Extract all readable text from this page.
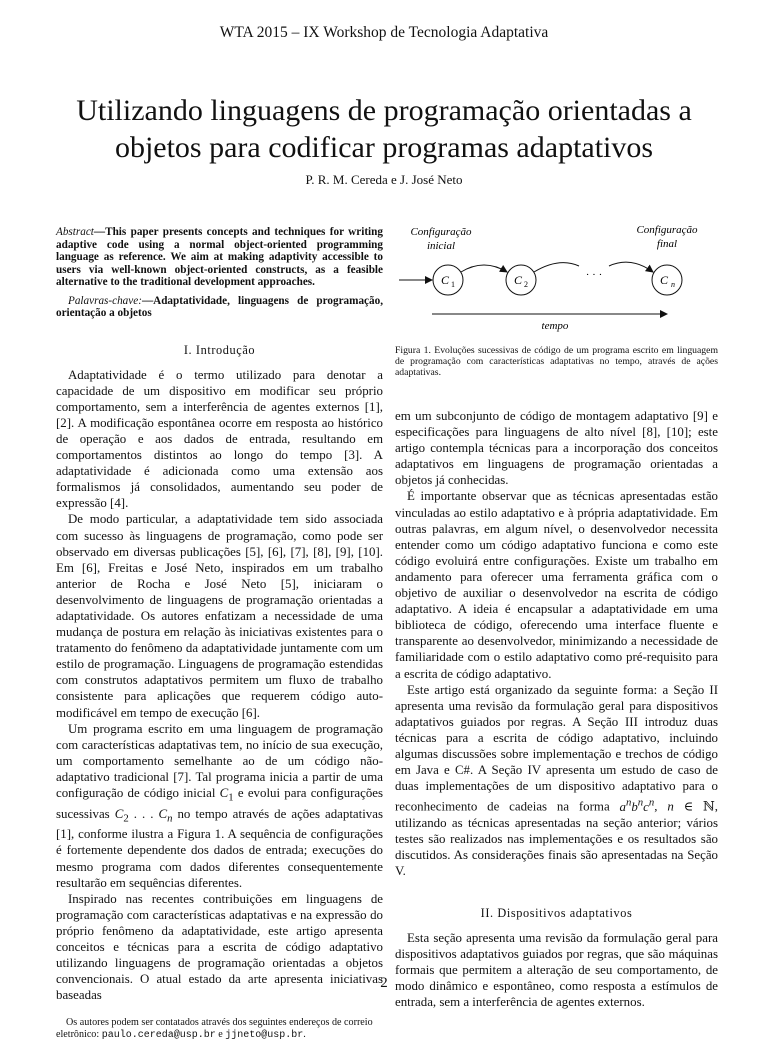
WTA 2015 – IX Workshop de Tecnologia Adaptativa
Utilizando linguagens de programação orientadas a
objetos para codificar programas adaptativos
P. R. M. Cereda e J. José Neto
Abstract—This paper presents concepts and techniques for writing adaptive code using a normal object-oriented programming language as reference. We aim at making adaptivity accessible to users via well-known object-oriented constructs, as a feasible alternative to the traditional development approaches.
Palavras-chave:—Adaptatividade, linguagens de programação, orientação a objetos
I. Introdução

Adaptatividade é o termo utilizado para denotar a capacidade de um dispositivo em modificar seu próprio comportamento, sem a interferência de agentes externos [1], [2]. A modificação espontânea ocorre em resposta ao histórico de operação e aos dados de entrada, resultando em comportamentos distintos ao longo do tempo [3]. A adaptatividade é adicionada como uma extensão aos formalismos já consolidados, aumentando seu poder de expressão [4].

De modo particular, a adaptatividade tem sido associada com sucesso às linguagens de programação, como pode ser observado em diversas publicações [5], [6], [7], [8], [9], [10]. Em [6], Freitas e José Neto, inspirados em um trabalho anterior de Rocha e José Neto [5], iniciaram o desenvolvimento de linguagens de programação orientadas a adaptatividade. Os autores enfatizam a necessidade de uma mudança de postura em relação às iniciativas existentes para o tratamento do fenômeno da adaptatividade juntamente com um estilo de programação. Linguagens de programação estendidas com construtos adaptativos permitem um fluxo de trabalho consistente para aplicações que requerem código auto-modificável em tempo de execução [6].

Um programa escrito em uma linguagem de programação com características adaptativas tem, no início de sua execução, um comportamento semelhante ao de um código não-adaptativo tradicional [7]. Tal programa inicia a partir de uma configuração de código inicial $C_1$ e evolui para configurações sucessivas $C_2$ . . . $C_n$ no tempo através de ações adaptativas [1], conforme ilustra a Figura 1. A sequência de configurações é fortemente dependente dos dados de entrada; execuções do mesmo programa com dados diferentes consequentemente resultarão em sequências diferentes.

Inspirado nas recentes contribuições em linguagens de programação com características adaptativas e na expressão do próprio fenômeno da adaptatividade, este artigo apresenta conceitos e técnicas para a escrita de código adaptativo utilizando linguagens de programação orientadas a objetos convencionais. O atual estado da arte apresenta iniciativas baseadas

Os autores podem ser contatados através dos seguintes endereços de correio eletrônico: paulo.cereda@usp.br e jjneto@usp.br.
Configuração
inicial
Configuração
final
C 1	C 2
· · ·	C n
tempo
Figura 1. Evoluções sucessivas de código de um programa escrito em linguagem de programação com características adaptativas no tempo, através de ações adaptativas.

em um subconjunto de código de montagem adaptativo [9] e especificações para linguagens de alto nível [8], [10]; este artigo contempla técnicas para a incorporação dos conceitos adaptativos em linguagens de programação orientadas a objetos já conhecidas.

É importante observar que as técnicas apresentadas estão vinculadas ao estilo adaptativo e à própria adaptatividade. Em outras palavras, em algum nível, o desenvolvedor necessita entender como um código adaptativo funciona e como este código evoluirá entre configurações. Existe um trabalho em andamento para oferecer uma ferramenta gráfica com o objetivo de auxiliar o desenvolvedor na escrita de código adaptativo. A ideia é encapsular a adaptatividade em uma biblioteca de código, oferecendo uma interface fluente e transparente ao desenvolvedor, minimizando a necessidade de familiaridade com o estilo adaptativo como pré-requisito para a escrita de código adaptativo.

Este artigo está organizado da seguinte forma: a Seção II apresenta uma revisão da formulação geral para dispositivos adaptativos guiados por regras. A Seção III introduz duas técnicas para a escrita de código adaptativo, incluindo algumas discussões sobre implementação e trechos de código em Java e C#. A Seção IV apresenta um estudo de caso de duas implementações de um dispositivo adaptativo para o reconhecimento de cadeias na forma $a^nb^nc^n$, n ∈ ℕ, utilizando as técnicas apresentadas na seção anterior; vários testes são realizados nas implementações e os resultados são discutidos. As considerações finais são apresentadas na Seção V.

II. Dispositivos adaptativos

Esta seção apresenta uma revisão da formulação geral para dispositivos adaptativos guiados por regras, que são máquinas formais que permitem a alteração de seu comportamento, de modo dinâmico e espontâneo, como resposta a estímulos de entrada, sem a interferência de agentes externos.

2
